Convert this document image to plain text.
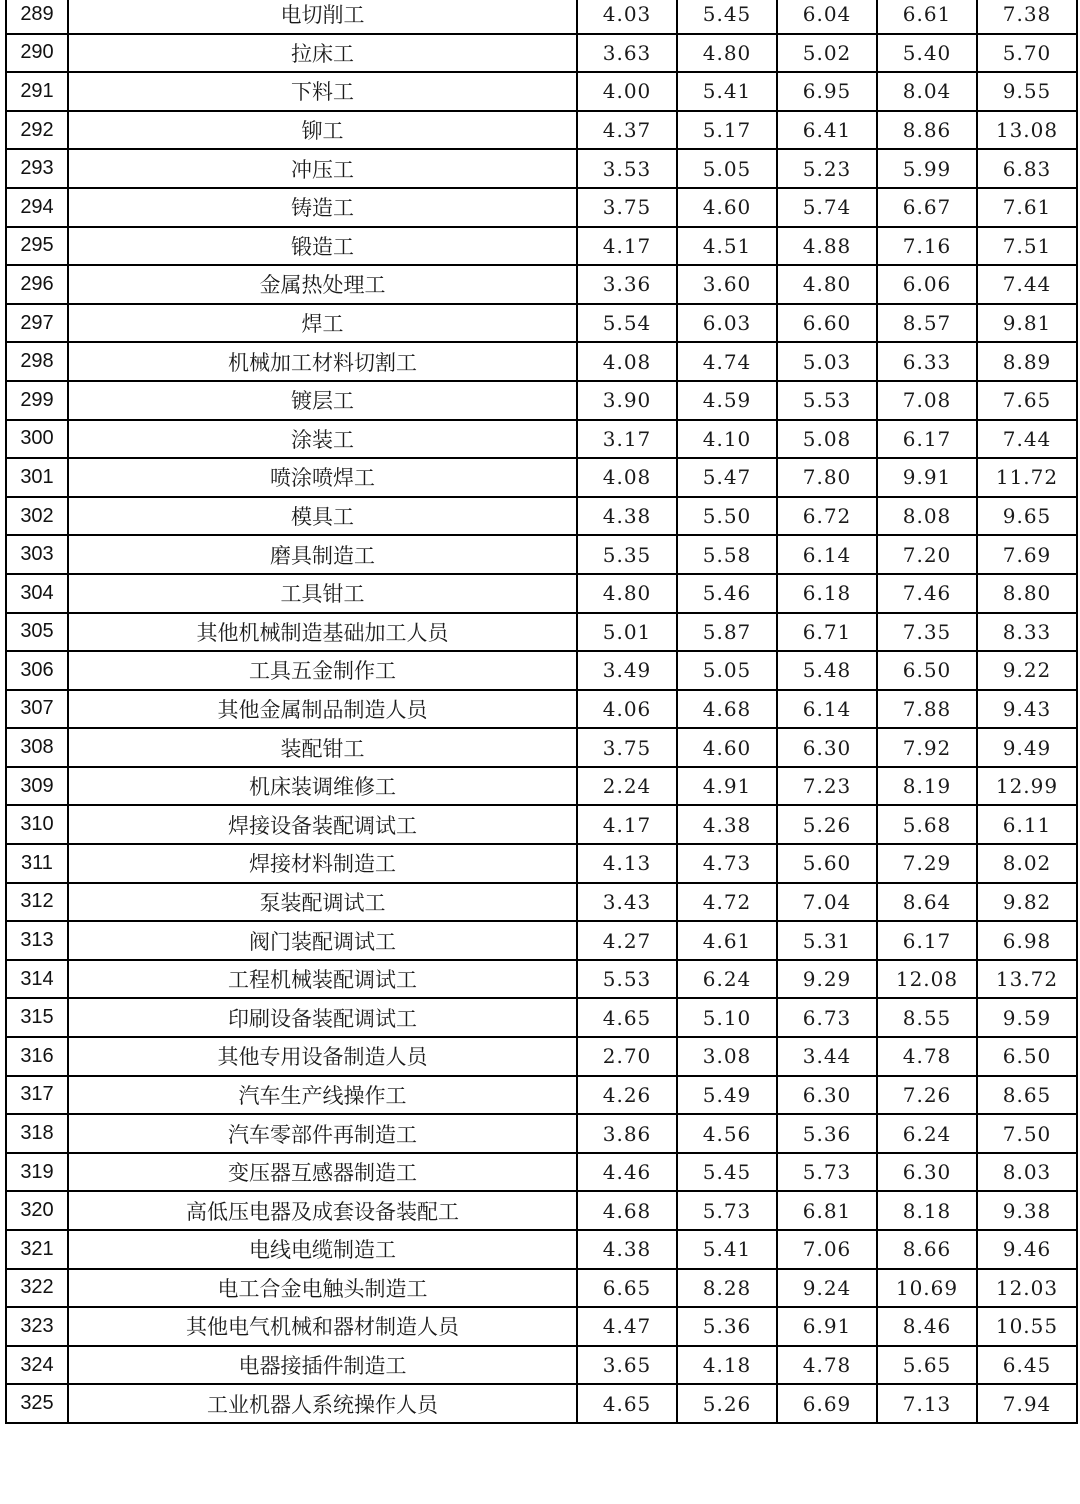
289	电切削工	4.03	5.45	6.04	6.61	7.38
290	拉床工	3.63	4.80	5.02	5.40	5.70
291	下料工	4.00	5.41	6.95	8.04	9.55
292	铆工	4.37	5.17	6.41	8.86	13.08
293	冲压工	3.53	5.05	5.23	5.99	6.83
294	铸造工	3.75	4.60	5.74	6.67	7.61
295	锻造工	4.17	4.51	4.88	7.16	7.51
296	金属热处理工	3.36	3.60	4.80	6.06	7.44
297	焊工	5.54	6.03	6.60	8.57	9.81
298	机械加工材料切割工	4.08	4.74	5.03	6.33	8.89
299	镀层工	3.90	4.59	5.53	7.08	7.65
300	涂装工	3.17	4.10	5.08	6.17	7.44
301	喷涂喷焊工	4.08	5.47	7.80	9.91	11.72
302	模具工	4.38	5.50	6.72	8.08	9.65
303	磨具制造工	5.35	5.58	6.14	7.20	7.69
304	工具钳工	4.80	5.46	6.18	7.46	8.80
305	其他机械制造基础加工人员	5.01	5.87	6.71	7.35	8.33
306	工具五金制作工	3.49	5.05	5.48	6.50	9.22
307	其他金属制品制造人员	4.06	4.68	6.14	7.88	9.43
308	装配钳工	3.75	4.60	6.30	7.92	9.49
309	机床装调维修工	2.24	4.91	7.23	8.19	12.99
310	焊接设备装配调试工	4.17	4.38	5.26	5.68	6.11
311	焊接材料制造工	4.13	4.73	5.60	7.29	8.02
312	泵装配调试工	3.43	4.72	7.04	8.64	9.82
313	阀门装配调试工	4.27	4.61	5.31	6.17	6.98
314	工程机械装配调试工	5.53	6.24	9.29	12.08	13.72
315	印刷设备装配调试工	4.65	5.10	6.73	8.55	9.59
316	其他专用设备制造人员	2.70	3.08	3.44	4.78	6.50
317	汽车生产线操作工	4.26	5.49	6.30	7.26	8.65
318	汽车零部件再制造工	3.86	4.56	5.36	6.24	7.50
319	变压器互感器制造工	4.46	5.45	5.73	6.30	8.03
320	高低压电器及成套设备装配工	4.68	5.73	6.81	8.18	9.38
321	电线电缆制造工	4.38	5.41	7.06	8.66	9.46
322	电工合金电触头制造工	6.65	8.28	9.24	10.69	12.03
323	其他电气机械和器材制造人员	4.47	5.36	6.91	8.46	10.55
324	电器接插件制造工	3.65	4.18	4.78	5.65	6.45
325	工业机器人系统操作人员	4.65	5.26	6.69	7.13	7.94
